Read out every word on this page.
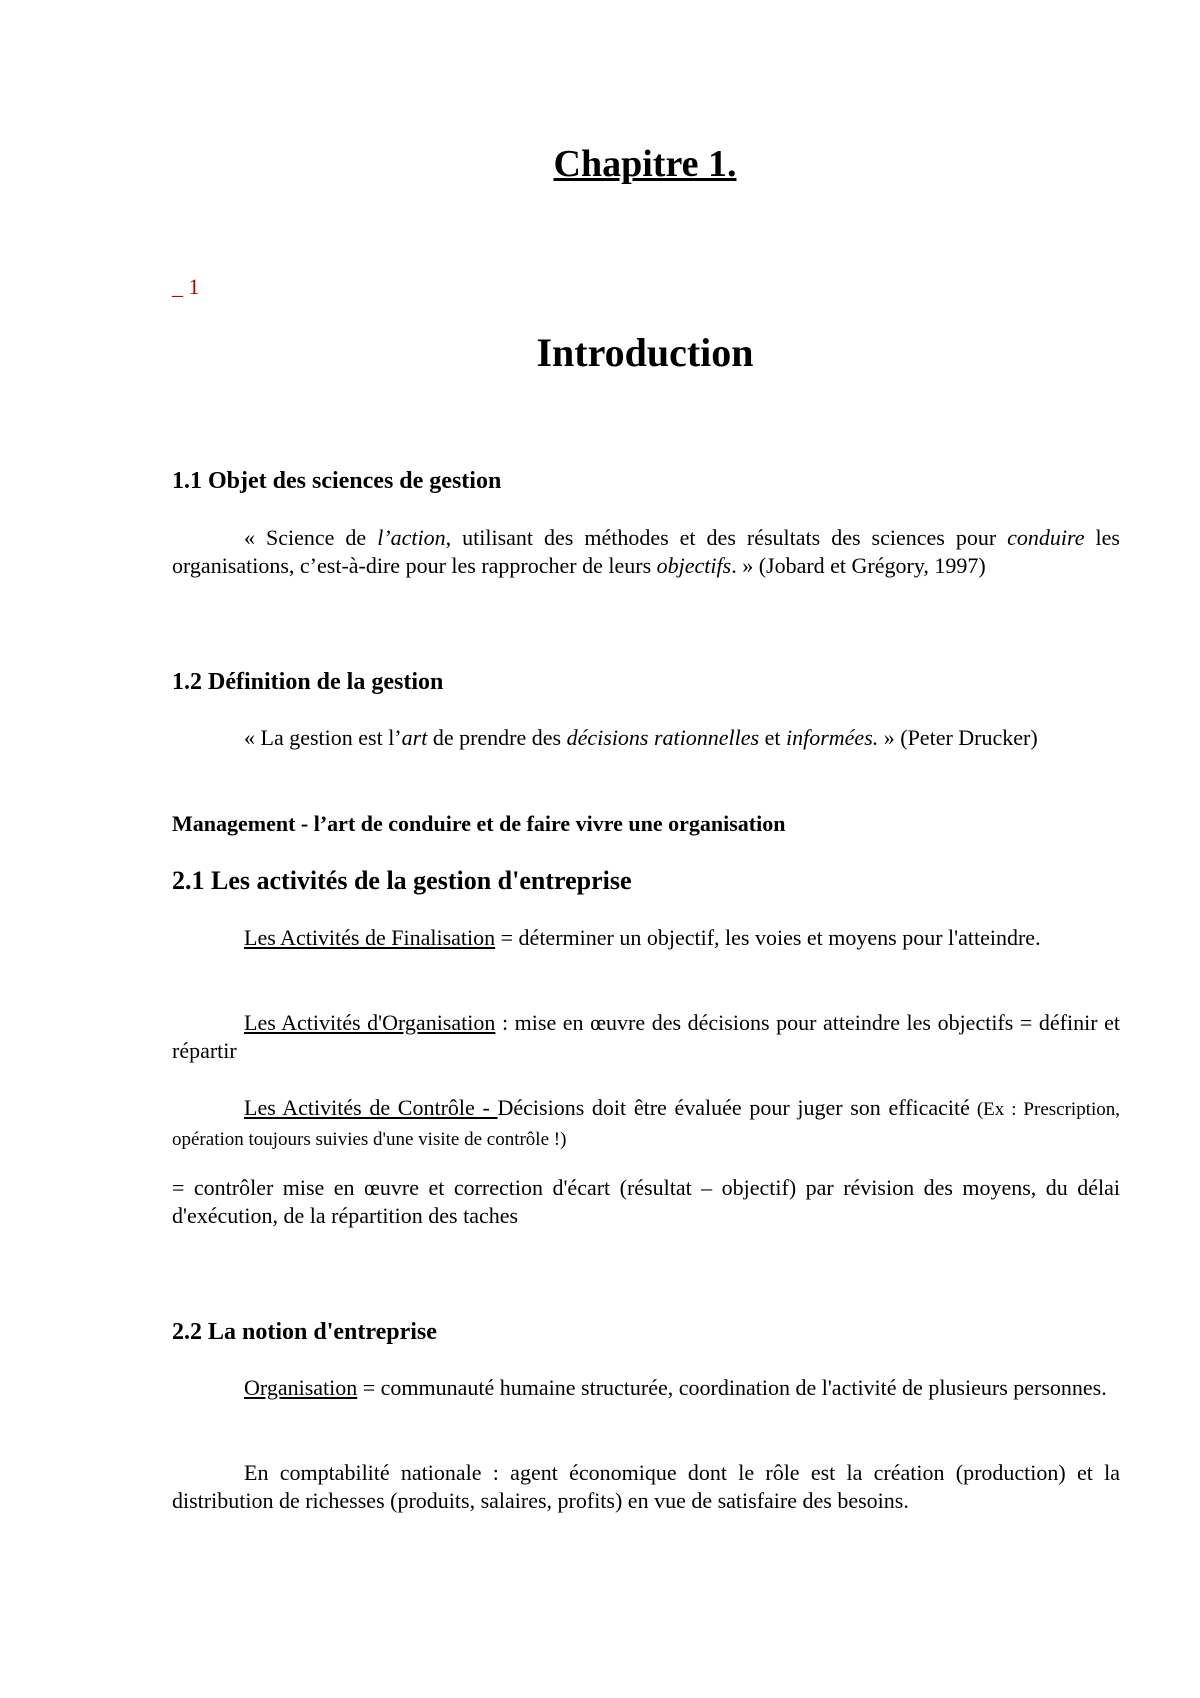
Chapitre 1.
_ 1
Introduction
1.1 Objet des sciences de gestion
« Science de l’action, utilisant des méthodes et des résultats des sciences pour conduire les organisations, c’est-à-dire pour les rapprocher de leurs objectifs. » (Jobard et Grégory, 1997)
1.2 Définition de la gestion
« La gestion est l’art de prendre des décisions rationnelles et informées. » (Peter Drucker)
Management - l’art de conduire et de faire vivre une organisation
2.1 Les activités de la gestion d'entreprise
Les Activités de Finalisation = déterminer un objectif, les voies et moyens pour l'atteindre.
Les Activités d'Organisation : mise en œuvre des décisions pour atteindre les objectifs = définir et répartir
Les Activités de Contrôle - Décisions doit être évaluée pour juger son efficacité (Ex : Prescription, opération toujours suivies d'une visite de contrôle !)
= contrôler mise en œuvre et correction d'écart (résultat – objectif) par révision des moyens, du délai d'exécution, de la répartition des taches
2.2 La notion d'entreprise
Organisation = communauté humaine structurée, coordination de l'activité de plusieurs personnes.
En comptabilité nationale : agent économique dont le rôle est la création (production) et la distribution de richesses (produits, salaires, profits) en vue de satisfaire des besoins.
